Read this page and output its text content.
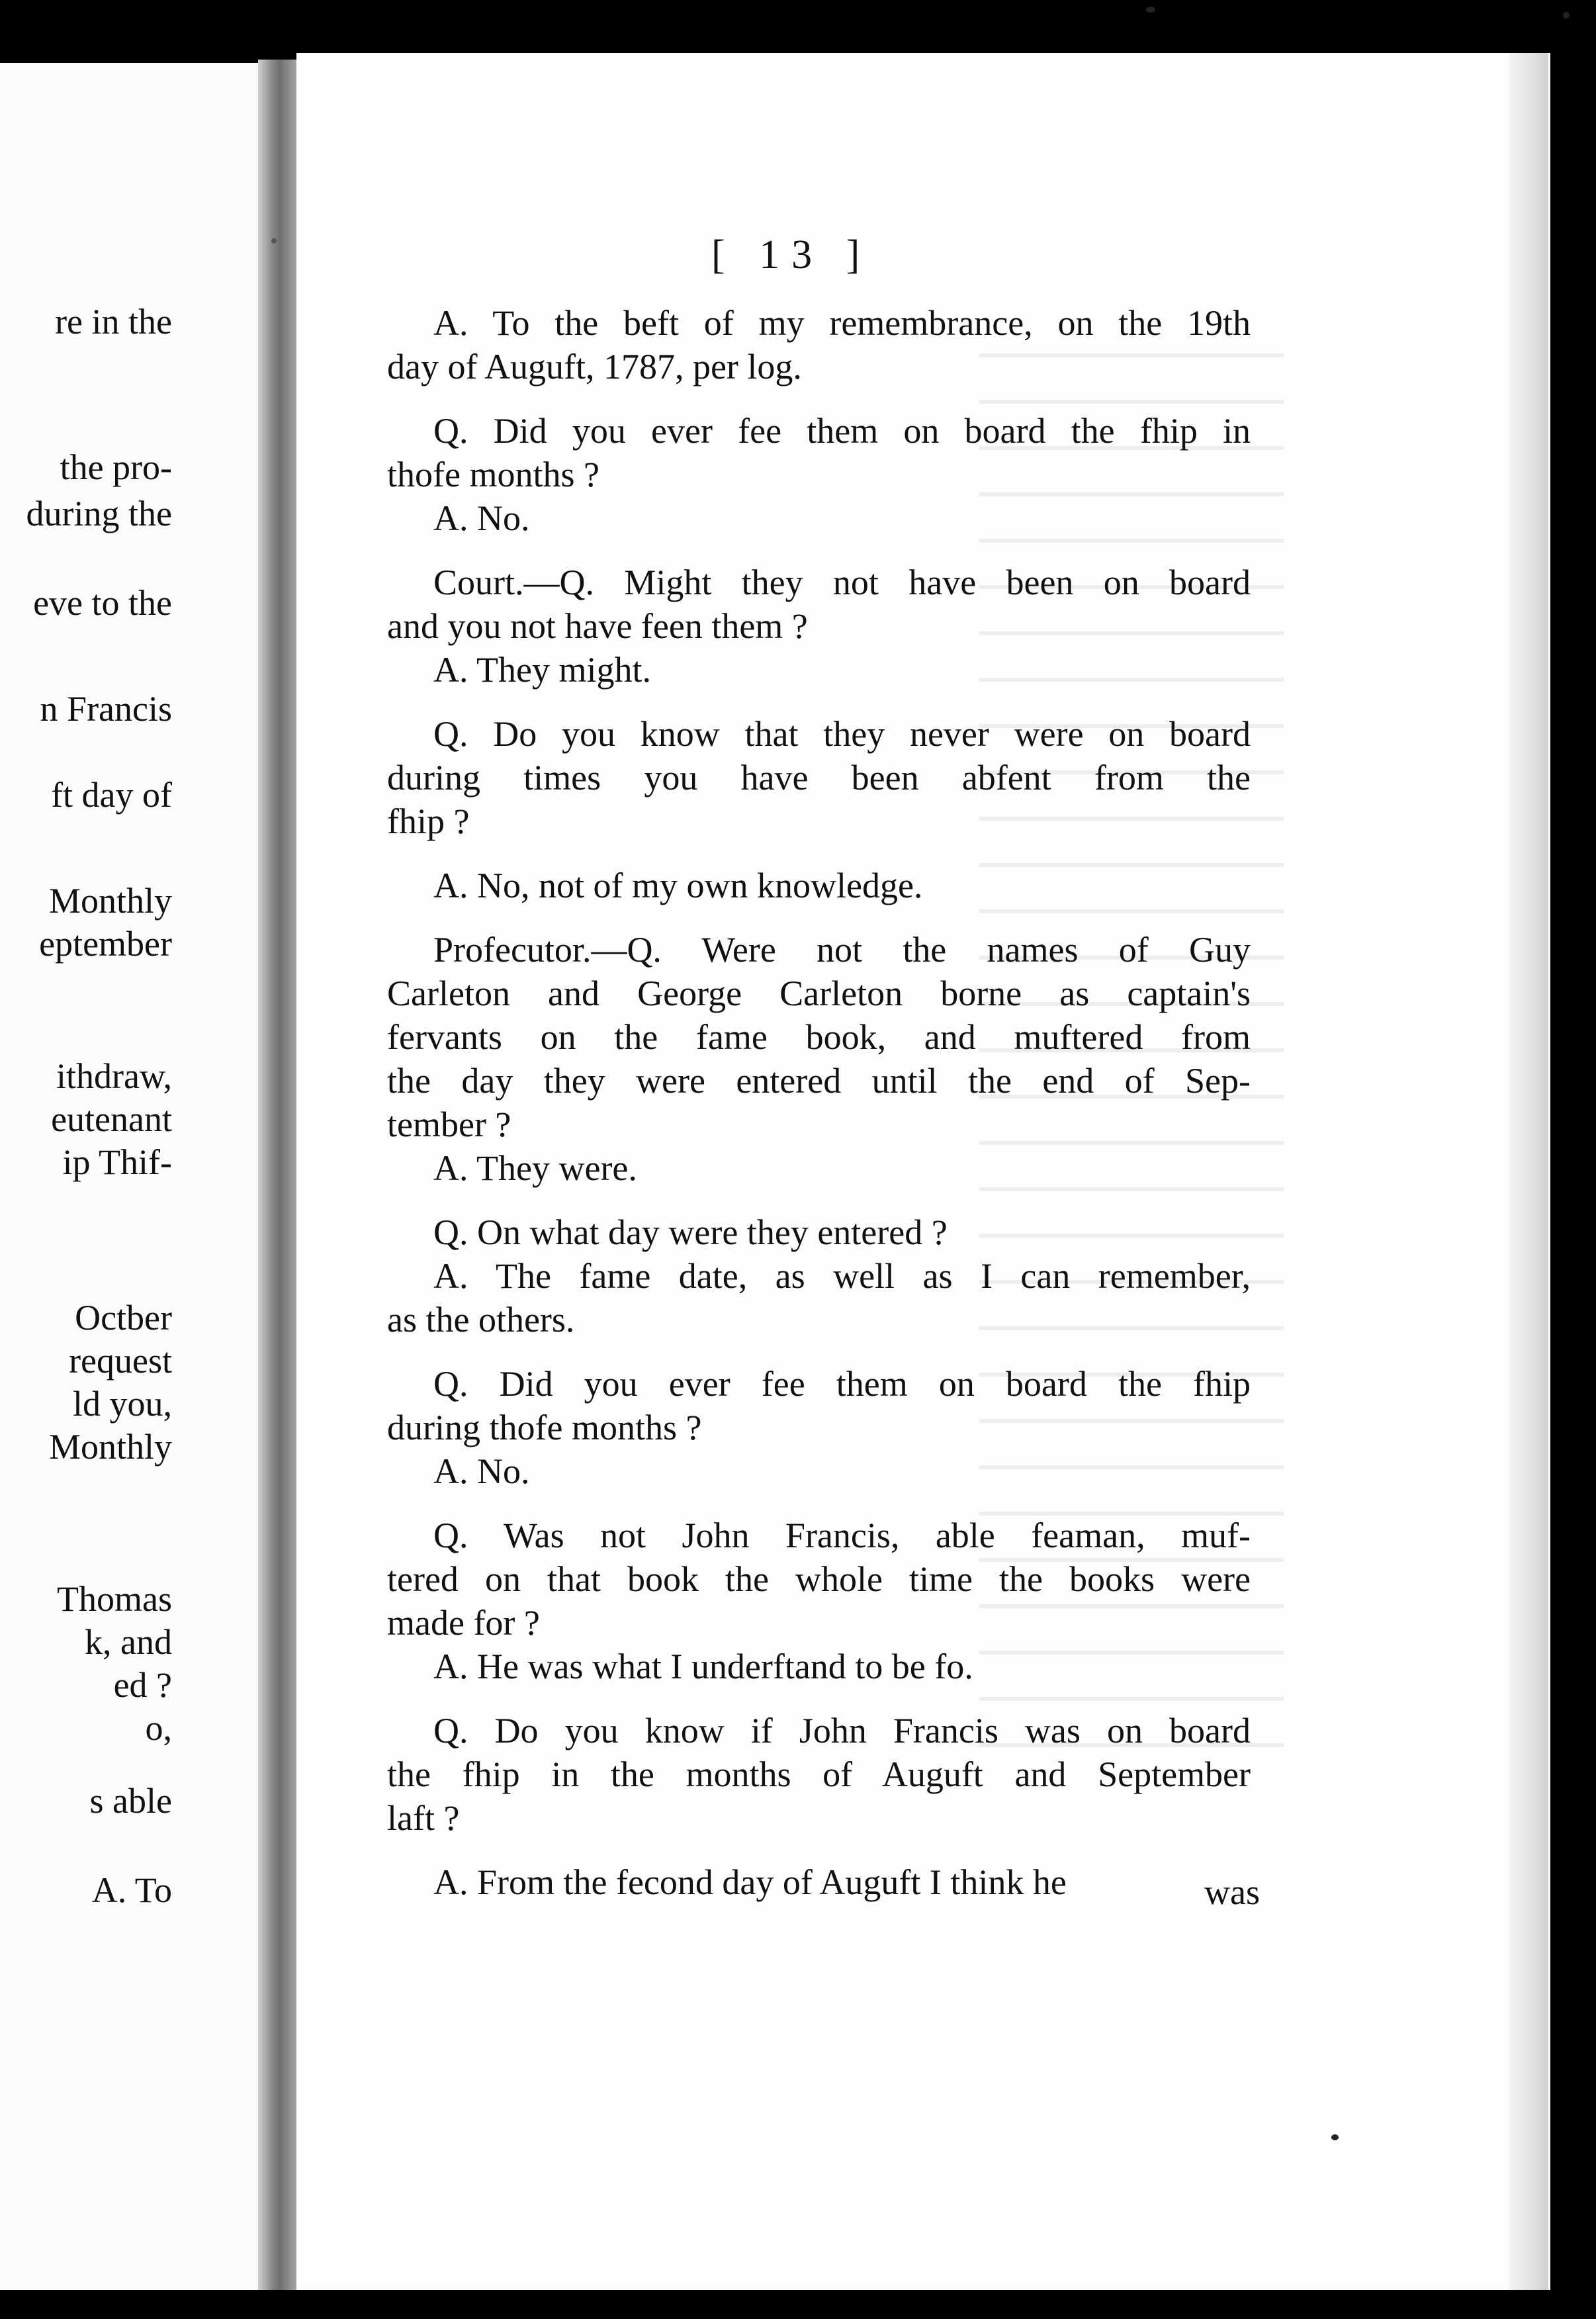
re in the
the pro-
during the
eve to the
n Francis
ft day of
Monthly
eptember
ithdraw,
eutenant
ip Thif-
Octber
request
ld you,
Monthly
Thomas
k, and
ed ?
o,
s able
A. To
[ 13 ]
A. To the beft of my remembrance, on the 19th
day of Auguft, 1787, per log.
Q. Did you ever fee them on board the fhip in
thofe months ?
A. No.
Court.—Q. Might they not have been on board
and you not have feen them ?
A. They might.
Q. Do you know that they never were on board
during times you have been abfent from the
fhip ?
A. No, not of my own knowledge.
Profecutor.—Q. Were not the names of Guy
Carleton and George Carleton borne as captain's
fervants on the fame book, and muftered from
the day they were entered until the end of Sep-
tember ?
A. They were.
Q. On what day were they entered ?
A. The fame date, as well as I can remember,
as the others.
Q. Did you ever fee them on board the fhip
during thofe months ?
A. No.
Q. Was not John Francis, able feaman, muf-
tered on that book the whole time the books were
made for ?
A. He was what I underftand to be fo.
Q. Do you know if John Francis was on board
the fhip in the months of Auguft and September
laft ?
A. From the fecond day of Auguft I think he	was
